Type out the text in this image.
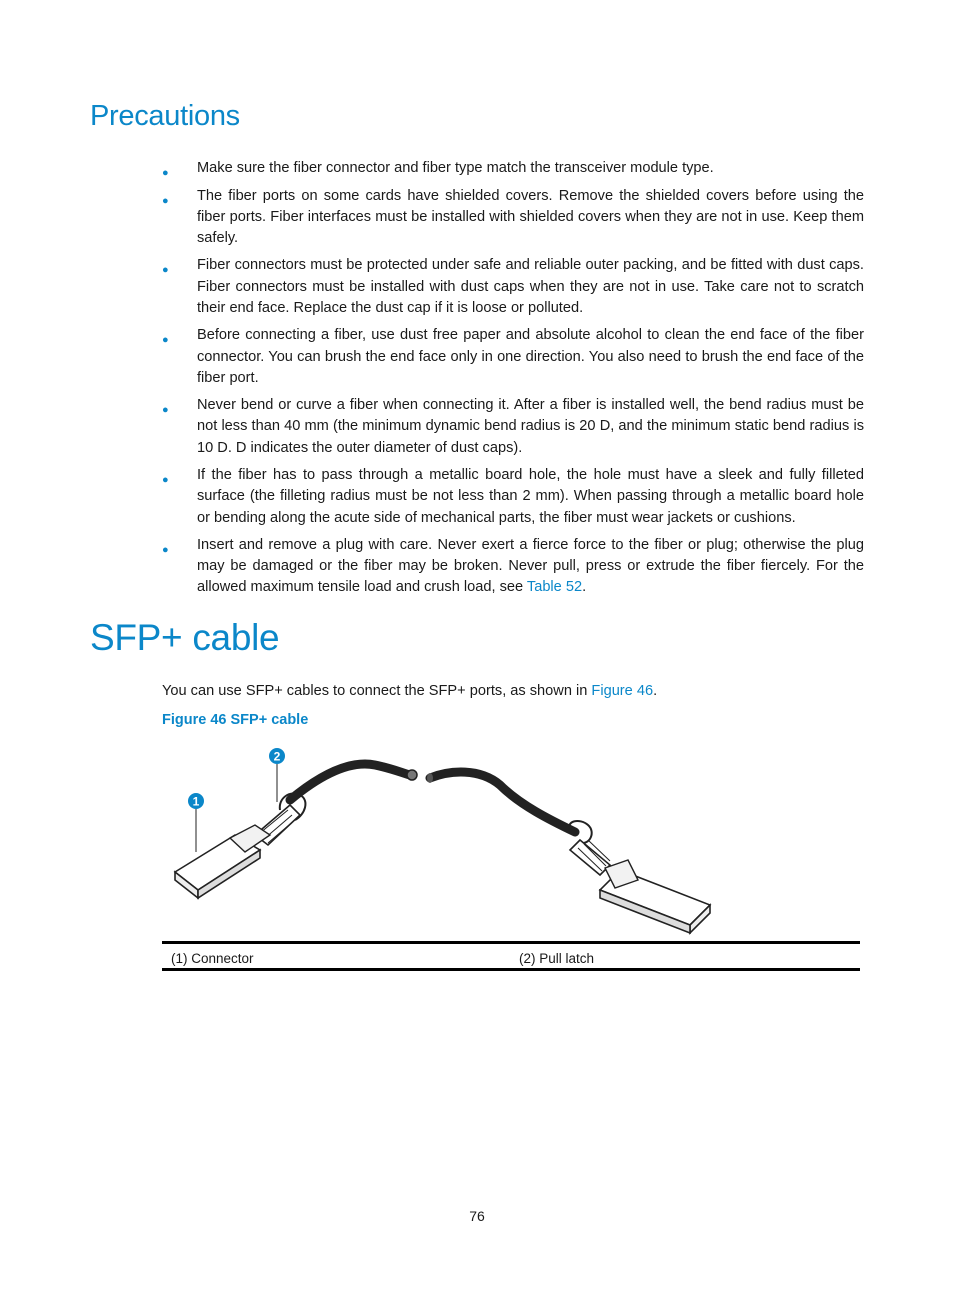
Precautions
● Make sure the fiber connector and fiber type match the transceiver module type.
● The fiber ports on some cards have shielded covers. Remove the shielded covers before using the fiber ports. Fiber interfaces must be installed with shielded covers when they are not in use. Keep them safely.
● Fiber connectors must be protected under safe and reliable outer packing, and be fitted with dust caps. Fiber connectors must be installed with dust caps when they are not in use. Take care not to scratch their end face. Replace the dust cap if it is loose or polluted.
● Before connecting a fiber, use dust free paper and absolute alcohol to clean the end face of the fiber connector. You can brush the end face only in one direction. You also need to brush the end face of the fiber port.
● Never bend or curve a fiber when connecting it. After a fiber is installed well, the bend radius must be not less than 40 mm (the minimum dynamic bend radius is 20 D, and the minimum static bend radius is 10 D. D indicates the outer diameter of dust caps).
● If the fiber has to pass through a metallic board hole, the hole must have a sleek and fully filleted surface (the filleting radius must be not less than 2 mm). When passing through a metallic board hole or bending along the acute side of mechanical parts, the fiber must wear jackets or cushions.
● Insert and remove a plug with care. Never exert a fierce force to the fiber or plug; otherwise the plug may be damaged or the fiber may be broken. Never pull, press or extrude the fiber fiercely. For the allowed maximum tensile load and crush load, see Table 52.
SFP+ cable

You can use SFP+ cables to connect the SFP+ ports, as shown in Figure 46.

Figure 46 SFP+ cable

1
2
(1) Connector	(2) Pull latch
76
